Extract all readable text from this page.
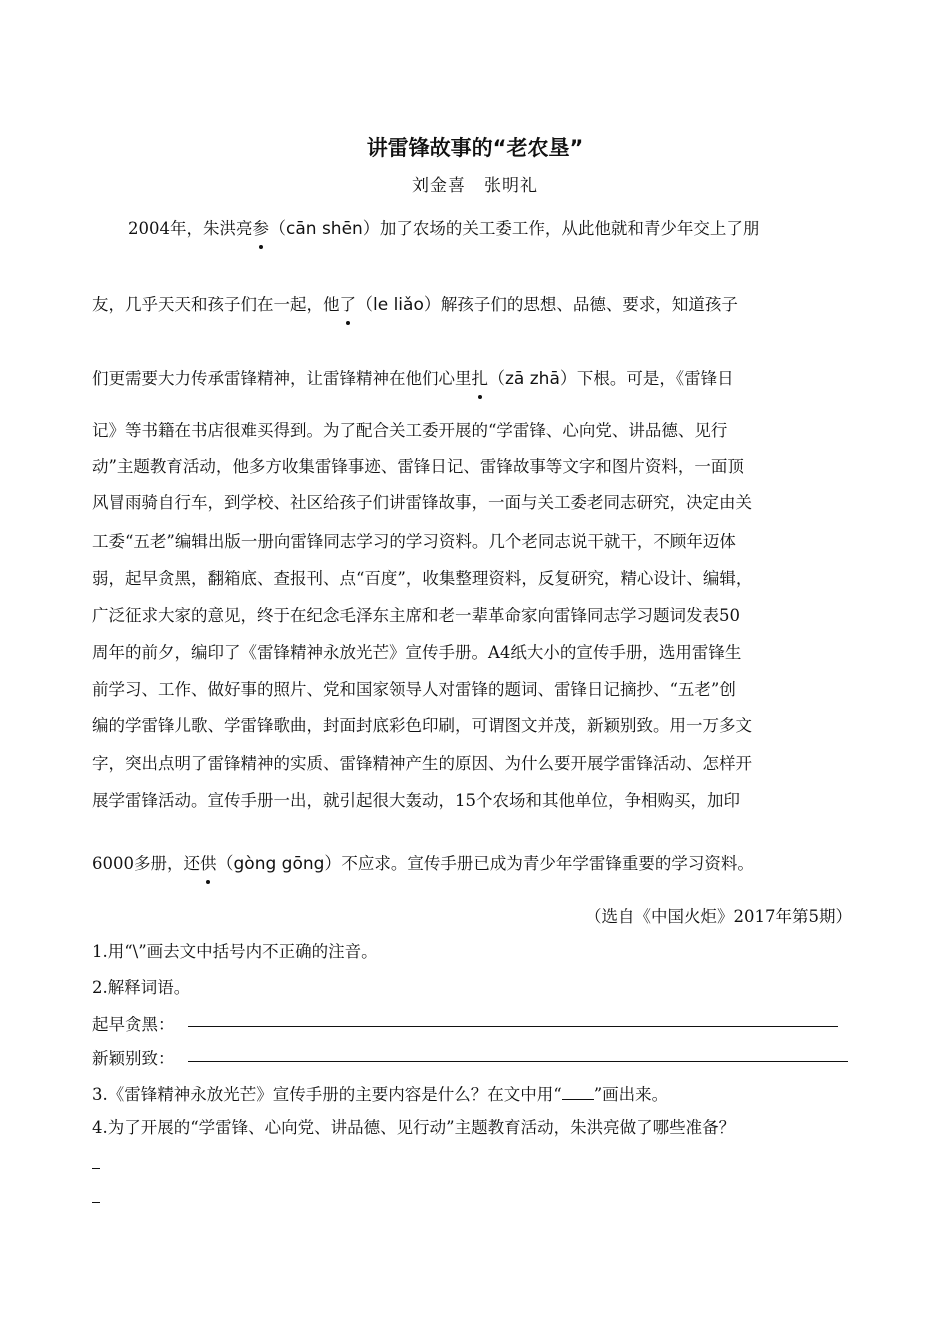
讲雷锋故事的“老农垦”
刘金喜　张明礼
2004年，朱洪亮参（cān shēn）加了农场的关工委工作，从此他就和青少年交上了朋
友，几乎天天和孩子们在一起，他了（le liǎo）解孩子们的思想、品德、要求，知道孩子
们更需要大力传承雷锋精神，让雷锋精神在他们心里扎（zā zhā）下根。可是，《雷锋日
记》等书籍在书店很难买得到。为了配合关工委开展的“学雷锋、心向党、讲品德、见行
动”主题教育活动，他多方收集雷锋事迹、雷锋日记、雷锋故事等文字和图片资料，一面顶
风冒雨骑自行车，到学校、社区给孩子们讲雷锋故事，一面与关工委老同志研究，决定由关
工委“五老”编辑出版一册向雷锋同志学习的学习资料。几个老同志说干就干，不顾年迈体
弱，起早贪黑，翻箱底、查报刊、点“百度”，收集整理资料，反复研究，精心设计、编辑，
广泛征求大家的意见，终于在纪念毛泽东主席和老一辈革命家向雷锋同志学习题词发表50
周年的前夕，编印了《雷锋精神永放光芒》宣传手册。A4纸大小的宣传手册，选用雷锋生
前学习、工作、做好事的照片、党和国家领导人对雷锋的题词、雷锋日记摘抄、“五老”创
编的学雷锋儿歌、学雷锋歌曲，封面封底彩色印刷，可谓图文并茂，新颖别致。用一万多文
字，突出点明了雷锋精神的实质、雷锋精神产生的原因、为什么要开展学雷锋活动、怎样开
展学雷锋活动。宣传手册一出，就引起很大轰动，15个农场和其他单位，争相购买，加印
6000多册，还供（gòng gōng）不应求。宣传手册已成为青少年学雷锋重要的学习资料。
（选自《中国火炬》2017年第5期）
1.用“\”画去文中括号内不正确的注音。
2.解释词语。
起早贪黑：
新颖别致：
3.《雷锋精神永放光芒》宣传手册的主要内容是什么？在文中用“ ”画出来。
4.为了开展的“学雷锋、心向党、讲品德、见行动”主题教育活动，朱洪亮做了哪些准备？
